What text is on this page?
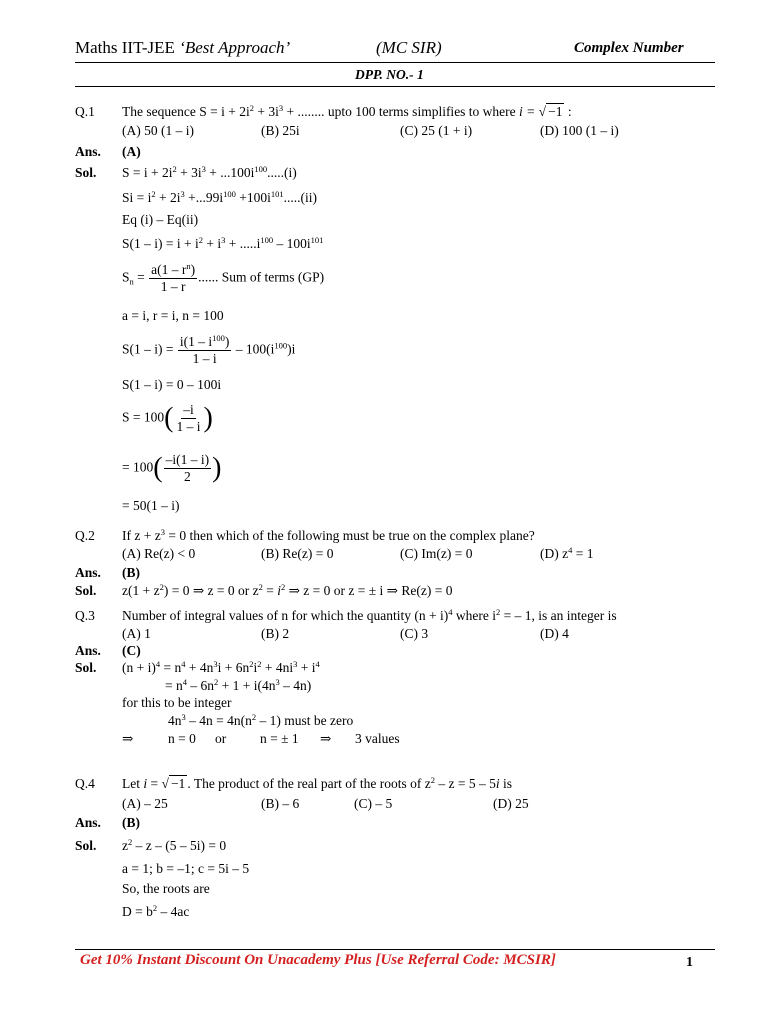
Maths IIT-JEE ‘Best Approach’	(MC SIR)	Complex Number
DPP. NO.- 1
Q.1 The sequence $S = i + 2i^2 + 3i^3$ + ........ upto 100 terms simplifies to where i = √ −1 :
(A) 50 (1 – i)	(B) 25i	(C) 25 (1 + i)	(D) 100 (1 – i)
Ans. (A)
Sol. $S = i + 2i^2 + 3i^3 + ...100i^{100}.....(i)$
$Si = i^2 + 2i^3 +...99i^{100} +100i^{101}.....(ii)$
Eq (i) – Eq(ii)
$S(1 - i) = i + i^2 + i^3 + .....i^{100} - 100i^{101}$
$S_n = \frac{a(1 - r^n)}{1 - r}$ ...... Sum of terms (GP)
a = i, r = i, n = 100
$S(1 - i) = \frac{i(1 - i^{100})}{1 - i} - 100(i^{100})i$
S(1 – i) = 0 – 100i
$S = 100( \frac{-i}{1 - i}$ )
= $100( \frac{-i(1 - i)}{2}$ )
= 50(1 – i)
Q.2 If $z + z^3 = 0$ then which of the following must be true on the complex plane?
(A) Re(z) < 0	(B) Re(z) = 0	(C) Im(z) = 0	(D) $z^4 = 1$
Ans. (B)
Sol. $z(1 + z^2) = 0$ ⇒ z = 0 or $z^2 = i^2$ ⇒ z = 0 or z = ± i ⇒ Re(z) = 0
Q.3 Number of integral values of n for which the quantity $(n + i)^4$ where $i^2$ = – 1, is an integer is
(A) 1	(B) 2	(C) 3	(D) 4
Ans. (C)
Sol. $(n + i)^4 = n^4 + 4n^3i + 6n^2i^2 + 4ni^3 + i^4$
= $n^4 - 6n^2 + 1 + i(4n^3 - 4n)$
for this to be integer
$4n^3 - 4n = 4n(n^2 - 1)$ must be zero
⇒	n = 0 or	n = ± 1 ⇒ 3 values
Q.4 Let i = √ −1 . The product of the real part of the roots of $z^2 - z = 5 - 5i$ is
(A) – 25	(B) – 6	(C) – 5	(D) 25
Ans. (B)
Sol. $z^2 - z - (5 - 5i) = 0$
a = 1; b = –1; c = 5i – 5
So, the roots are
$D = b^2 - 4ac$
Get 10% Instant Discount On Unacademy Plus [Use Referral Code: MCSIR]	1
